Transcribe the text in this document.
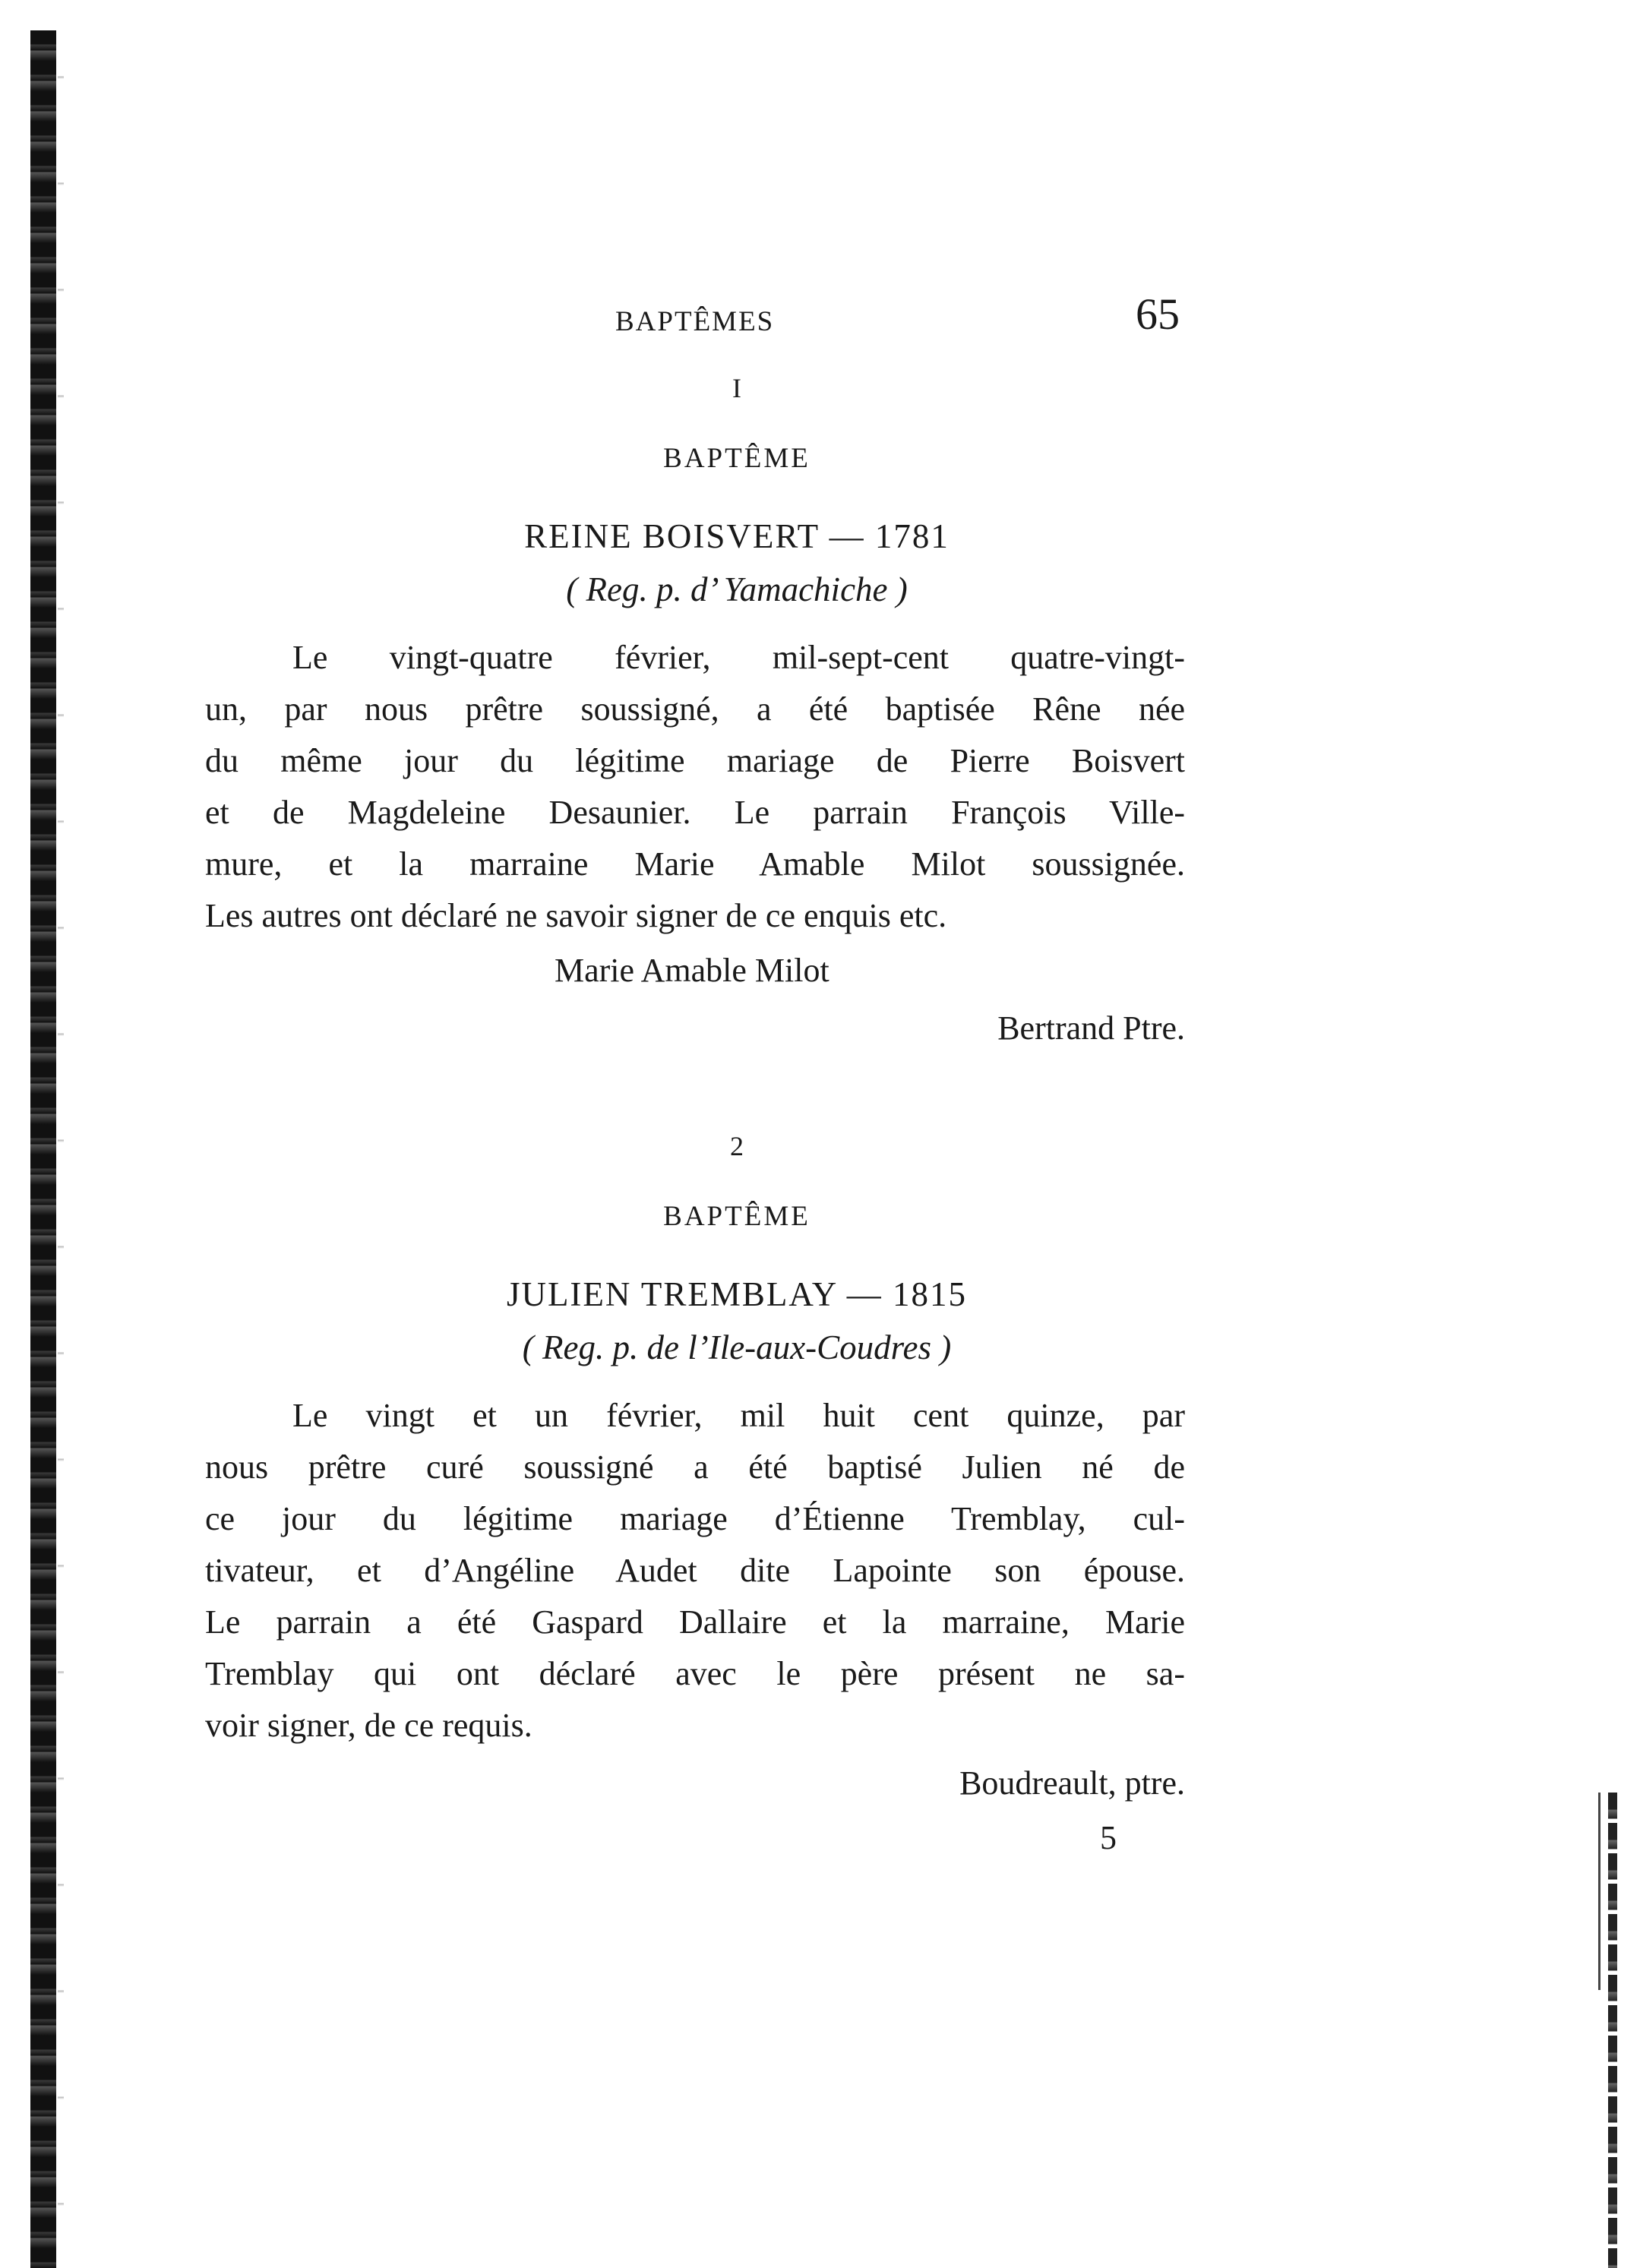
BAPTÊMES	65
I
BAPTÊME
REINE BOISVERT — 1781
( Reg. p. d’ Yamachiche )
Le vingt-quatre février, mil-sept-cent quatre-vingt-
un, par nous prêtre soussigné, a été baptisée Rêne née
du même jour du légitime mariage de Pierre Boisvert
et de Magdeleine Desaunier. Le parrain François Ville-
mure, et la marraine Marie Amable Milot soussignée.
Les autres ont déclaré ne savoir signer de ce enquis etc.
Marie Amable Milot
Bertrand Ptre.
2
BAPTÊME
JULIEN TREMBLAY — 1815
( Reg. p. de l’Ile-aux-Coudres )
Le vingt et un février, mil huit cent quinze, par
nous prêtre curé soussigné a été baptisé Julien né de
ce jour du légitime mariage d’Étienne Tremblay, cul-
tivateur, et d’Angéline Audet dite Lapointe son épouse.
Le parrain a été Gaspard Dallaire et la marraine, Marie
Tremblay qui ont déclaré avec le père présent ne sa-
voir signer, de ce requis.
Boudreault, ptre.
5
